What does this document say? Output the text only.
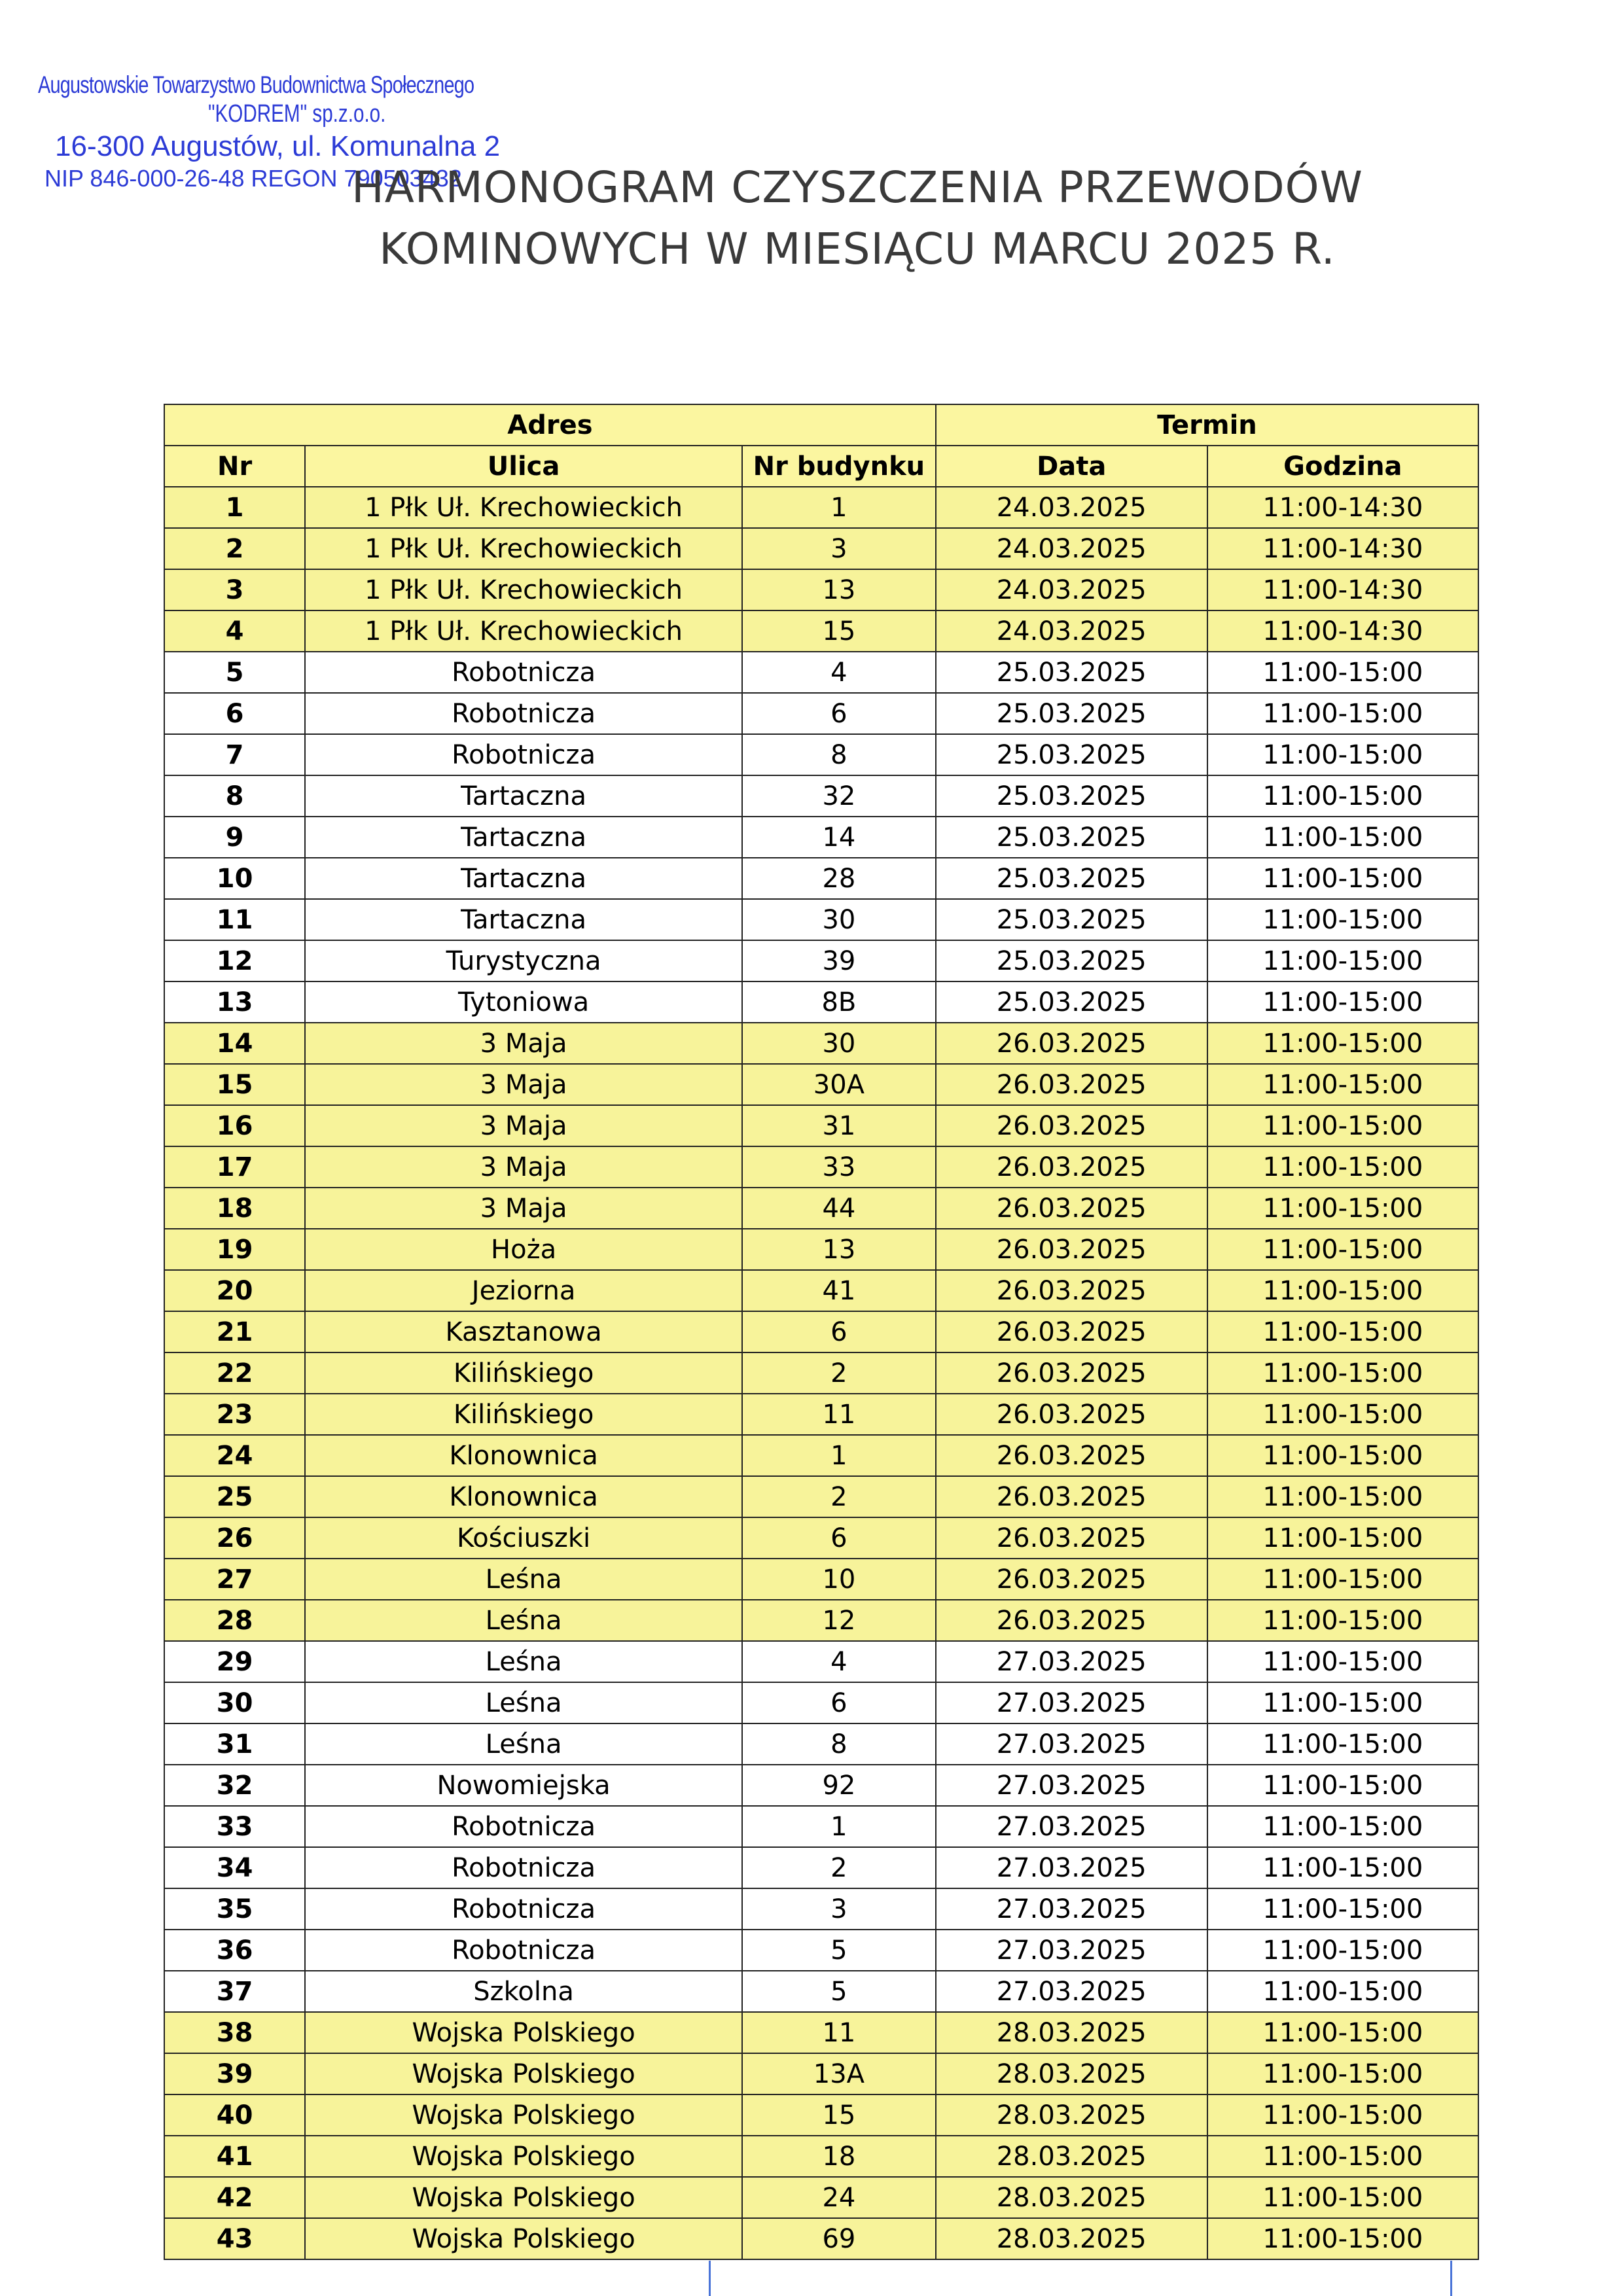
Augustowskie Towarzystwo Budownictwa Społecznego
"KODREM" sp.z.o.o.
16-300 Augustów, ul. Komunalna 2
NIP 846-000-26-48 REGON 790503432
HARMONOGRAM CZYSZCZENIA PRZEWODÓW
KOMINOWYCH W MIESIĄCU MARCU 2025 R.
Adres			Termin	
Nr	Ulica	Nr budynku	Data	Godzina
1	1 Płk Uł. Krechowieckich	1	24.03.2025	11:00-14:30
2	1 Płk Uł. Krechowieckich	3	24.03.2025	11:00-14:30
3	1 Płk Uł. Krechowieckich	13	24.03.2025	11:00-14:30
4	1 Płk Uł. Krechowieckich	15	24.03.2025	11:00-14:30
5	Robotnicza	4	25.03.2025	11:00-15:00
6	Robotnicza	6	25.03.2025	11:00-15:00
7	Robotnicza	8	25.03.2025	11:00-15:00
8	Tartaczna	32	25.03.2025	11:00-15:00
9	Tartaczna	14	25.03.2025	11:00-15:00
10	Tartaczna	28	25.03.2025	11:00-15:00
11	Tartaczna	30	25.03.2025	11:00-15:00
12	Turystyczna	39	25.03.2025	11:00-15:00
13	Tytoniowa	8B	25.03.2025	11:00-15:00
14	3 Maja	30	26.03.2025	11:00-15:00
15	3 Maja	30A	26.03.2025	11:00-15:00
16	3 Maja	31	26.03.2025	11:00-15:00
17	3 Maja	33	26.03.2025	11:00-15:00
18	3 Maja	44	26.03.2025	11:00-15:00
19	Hoża	13	26.03.2025	11:00-15:00
20	Jeziorna	41	26.03.2025	11:00-15:00
21	Kasztanowa	6	26.03.2025	11:00-15:00
22	Kilińskiego	2	26.03.2025	11:00-15:00
23	Kilińskiego	11	26.03.2025	11:00-15:00
24	Klonownica	1	26.03.2025	11:00-15:00
25	Klonownica	2	26.03.2025	11:00-15:00
26	Kościuszki	6	26.03.2025	11:00-15:00
27	Leśna	10	26.03.2025	11:00-15:00
28	Leśna	12	26.03.2025	11:00-15:00
29	Leśna	4	27.03.2025	11:00-15:00
30	Leśna	6	27.03.2025	11:00-15:00
31	Leśna	8	27.03.2025	11:00-15:00
32	Nowomiejska	92	27.03.2025	11:00-15:00
33	Robotnicza	1	27.03.2025	11:00-15:00
34	Robotnicza	2	27.03.2025	11:00-15:00
35	Robotnicza	3	27.03.2025	11:00-15:00
36	Robotnicza	5	27.03.2025	11:00-15:00
37	Szkolna	5	27.03.2025	11:00-15:00
38	Wojska Polskiego	11	28.03.2025	11:00-15:00
39	Wojska Polskiego	13A	28.03.2025	11:00-15:00
40	Wojska Polskiego	15	28.03.2025	11:00-15:00
41	Wojska Polskiego	18	28.03.2025	11:00-15:00
42	Wojska Polskiego	24	28.03.2025	11:00-15:00
43	Wojska Polskiego	69	28.03.2025	11:00-15:00
